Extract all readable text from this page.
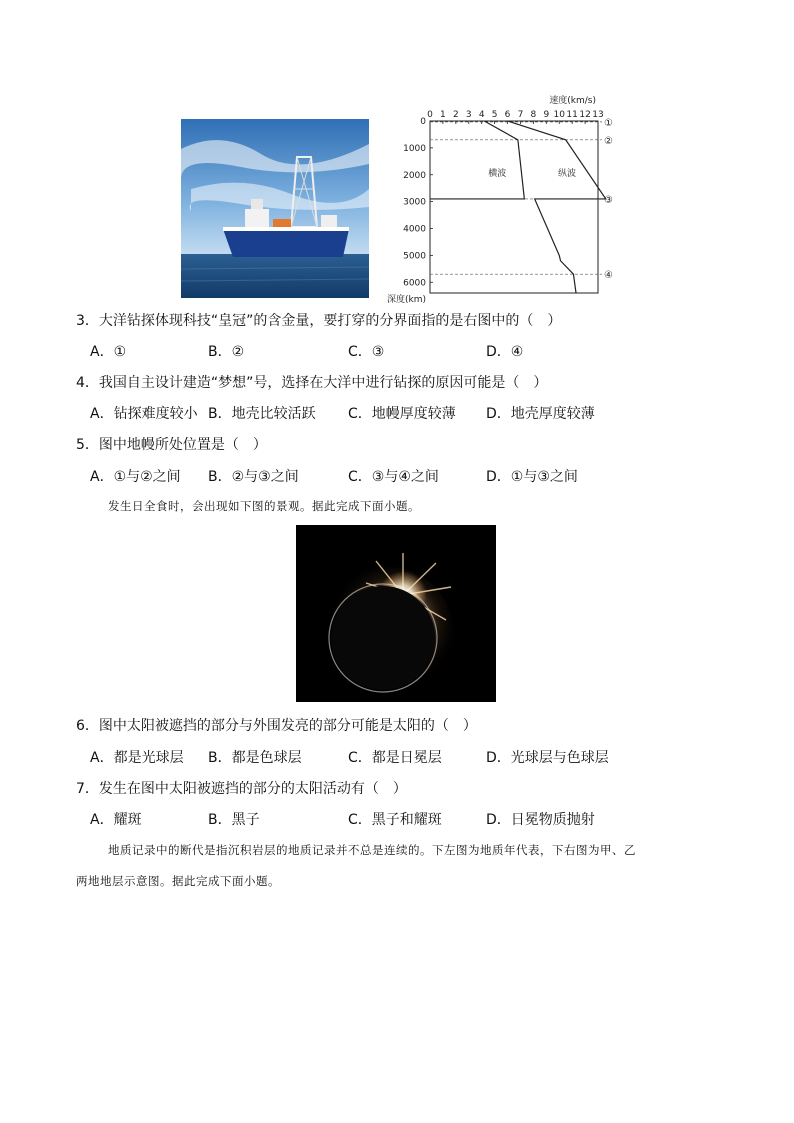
速度(km/s)
0 1 2 3 4 5 6 7 8 9 10 11 12 13
0
1000
2000
3000
4000
5000
6000
深度(km)
①
②
③
④
横波	纵波
3．大洋钻探体现科技“皇冠”的含金量，要打穿的分界面指的是右图中的（　）
A．①	B．②	C．③	D．④
4．我国自主设计建造“梦想”号，选择在大洋中进行钻探的原因可能是（　）
A．钻探难度较小 B．地壳比较活跃 C．地幔厚度较薄 D．地壳厚度较薄
5．图中地幔所处位置是（　）
A．①与②之间 B．②与③之间	C．③与④之间	D．①与③之间
发生日全食时，会出现如下图的景观。据此完成下面小题。
6．图中太阳被遮挡的部分与外围发亮的部分可能是太阳的（　）
A．都是光球层 B．都是色球层	C．都是日冕层	D．光球层与色球层
7．发生在图中太阳被遮挡的部分的太阳活动有（　）
A．耀斑	B．黑子	C．黑子和耀斑	D．日冕物质抛射
地质记录中的断代是指沉积岩层的地质记录并不总是连续的。下左图为地质年代表，下右图为甲、乙
两地地层示意图。据此完成下面小题。
